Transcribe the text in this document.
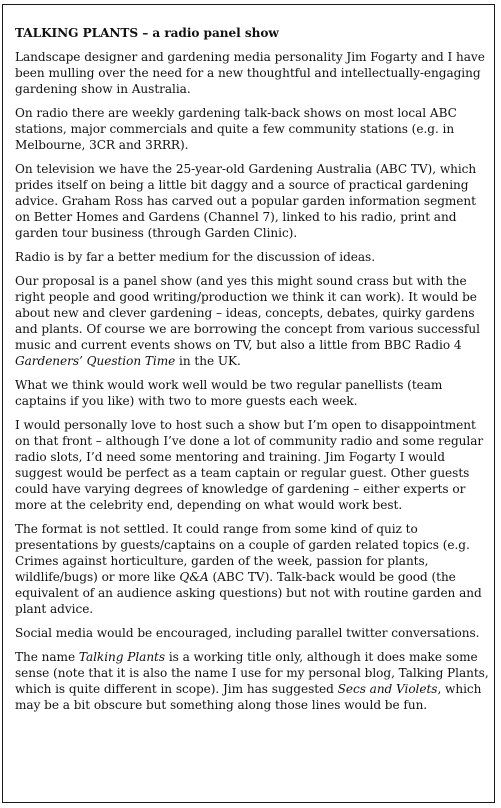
TALKING PLANTS – a radio panel show

Landscape designer and gardening media personality Jim Fogarty and I have been mulling over the need for a new thoughtful and intellectually-engaging gardening show in Australia.

On radio there are weekly gardening talk-back shows on most local ABC stations, major commercials and quite a few community stations (e.g. in Melbourne, 3CR and 3RRR).

On television we have the 25-year-old Gardening Australia (ABC TV), which prides itself on being a little bit daggy and a source of practical gardening advice. Graham Ross has carved out a popular garden information segment on Better Homes and Gardens (Channel 7), linked to his radio, print and garden tour business (through Garden Clinic).

Radio is by far a better medium for the discussion of ideas.

Our proposal is a panel show (and yes this might sound crass but with the right people and good writing/production we think it can work). It would be about new and clever gardening – ideas, concepts, debates, quirky gardens and plants. Of course we are borrowing the concept from various successful music and current events shows on TV, but also a little from BBC Radio 4 Gardeners’ Question Time in the UK.

What we think would work well would be two regular panellists (team captains if you like) with two to more guests each week.

I would personally love to host such a show but I’m open to disappointment on that front – although I’ve done a lot of community radio and some regular radio slots, I’d need some mentoring and training. Jim Fogarty I would suggest would be perfect as a team captain or regular guest. Other guests could have varying degrees of knowledge of gardening – either experts or more at the celebrity end, depending on what would work best.

The format is not settled. It could range from some kind of quiz to presentations by guests/captains on a couple of garden related topics (e.g. Crimes against horticulture, garden of the week, passion for plants, wildlife/bugs) or more like Q&A (ABC TV). Talk-back would be good (the equivalent of an audience asking questions) but not with routine garden and plant advice.

Social media would be encouraged, including parallel twitter conversations.

The name Talking Plants is a working title only, although it does make some sense (note that it is also the name I use for my personal blog, Talking Plants, which is quite different in scope). Jim has suggested Secs and Violets, which may be a bit obscure but something along those lines would be fun.
